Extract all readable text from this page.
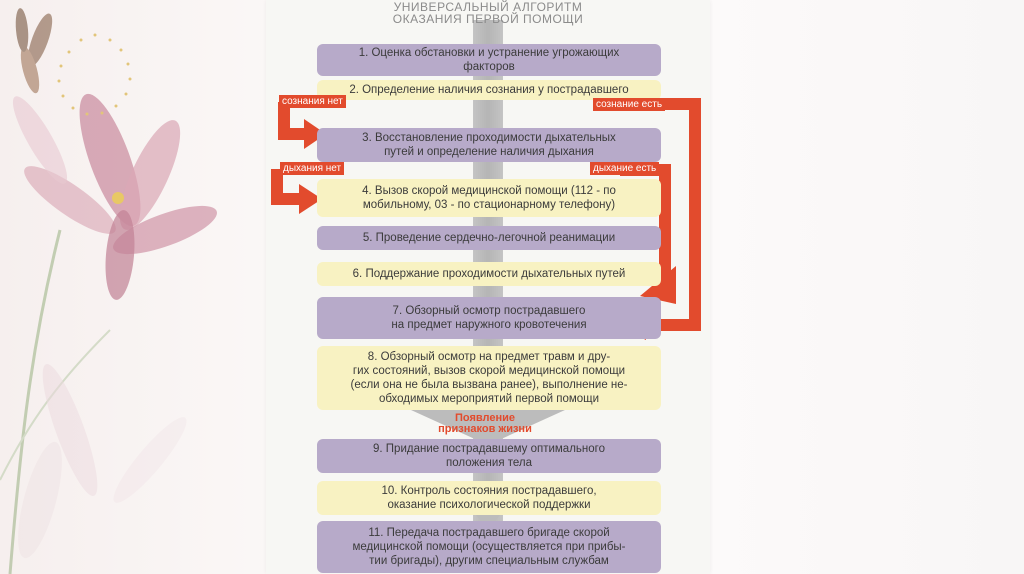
УНИВЕРСАЛЬНЫЙ АЛГОРИТМ
ОКАЗАНИЯ ПЕРВОЙ ПОМОЩИ
1. Оценка обстановки и устранение угрожающих
факторов
2. Определение наличия сознания у пострадавшего
3. Восстановление проходимости дыхательных
путей и определение наличия дыхания
4. Вызов скорой медицинской помощи (112 - по
мобильному, 03 - по стационарному телефону)
5. Проведение сердечно-легочной реанимации
6. Поддержание проходимости дыхательных путей
7. Обзорный осмотр пострадавшего
на предмет наружного кровотечения
8. Обзорный осмотр на предмет травм и дру-
гих состояний, вызов скорой медицинской помощи
(если она не была вызвана ранее), выполнение не-
обходимых мероприятий первой помощи
9. Придание пострадавшему оптимального
положения тела
10. Контроль состояния пострадавшего,
оказание психологической поддержки
11. Передача пострадавшего бригаде скорой
медицинской помощи (осуществляется при прибы-
тии бригады), другим специальным службам
сознания нет	сознание есть
дыхания нет	дыхание есть
Появление
признаков жизни
